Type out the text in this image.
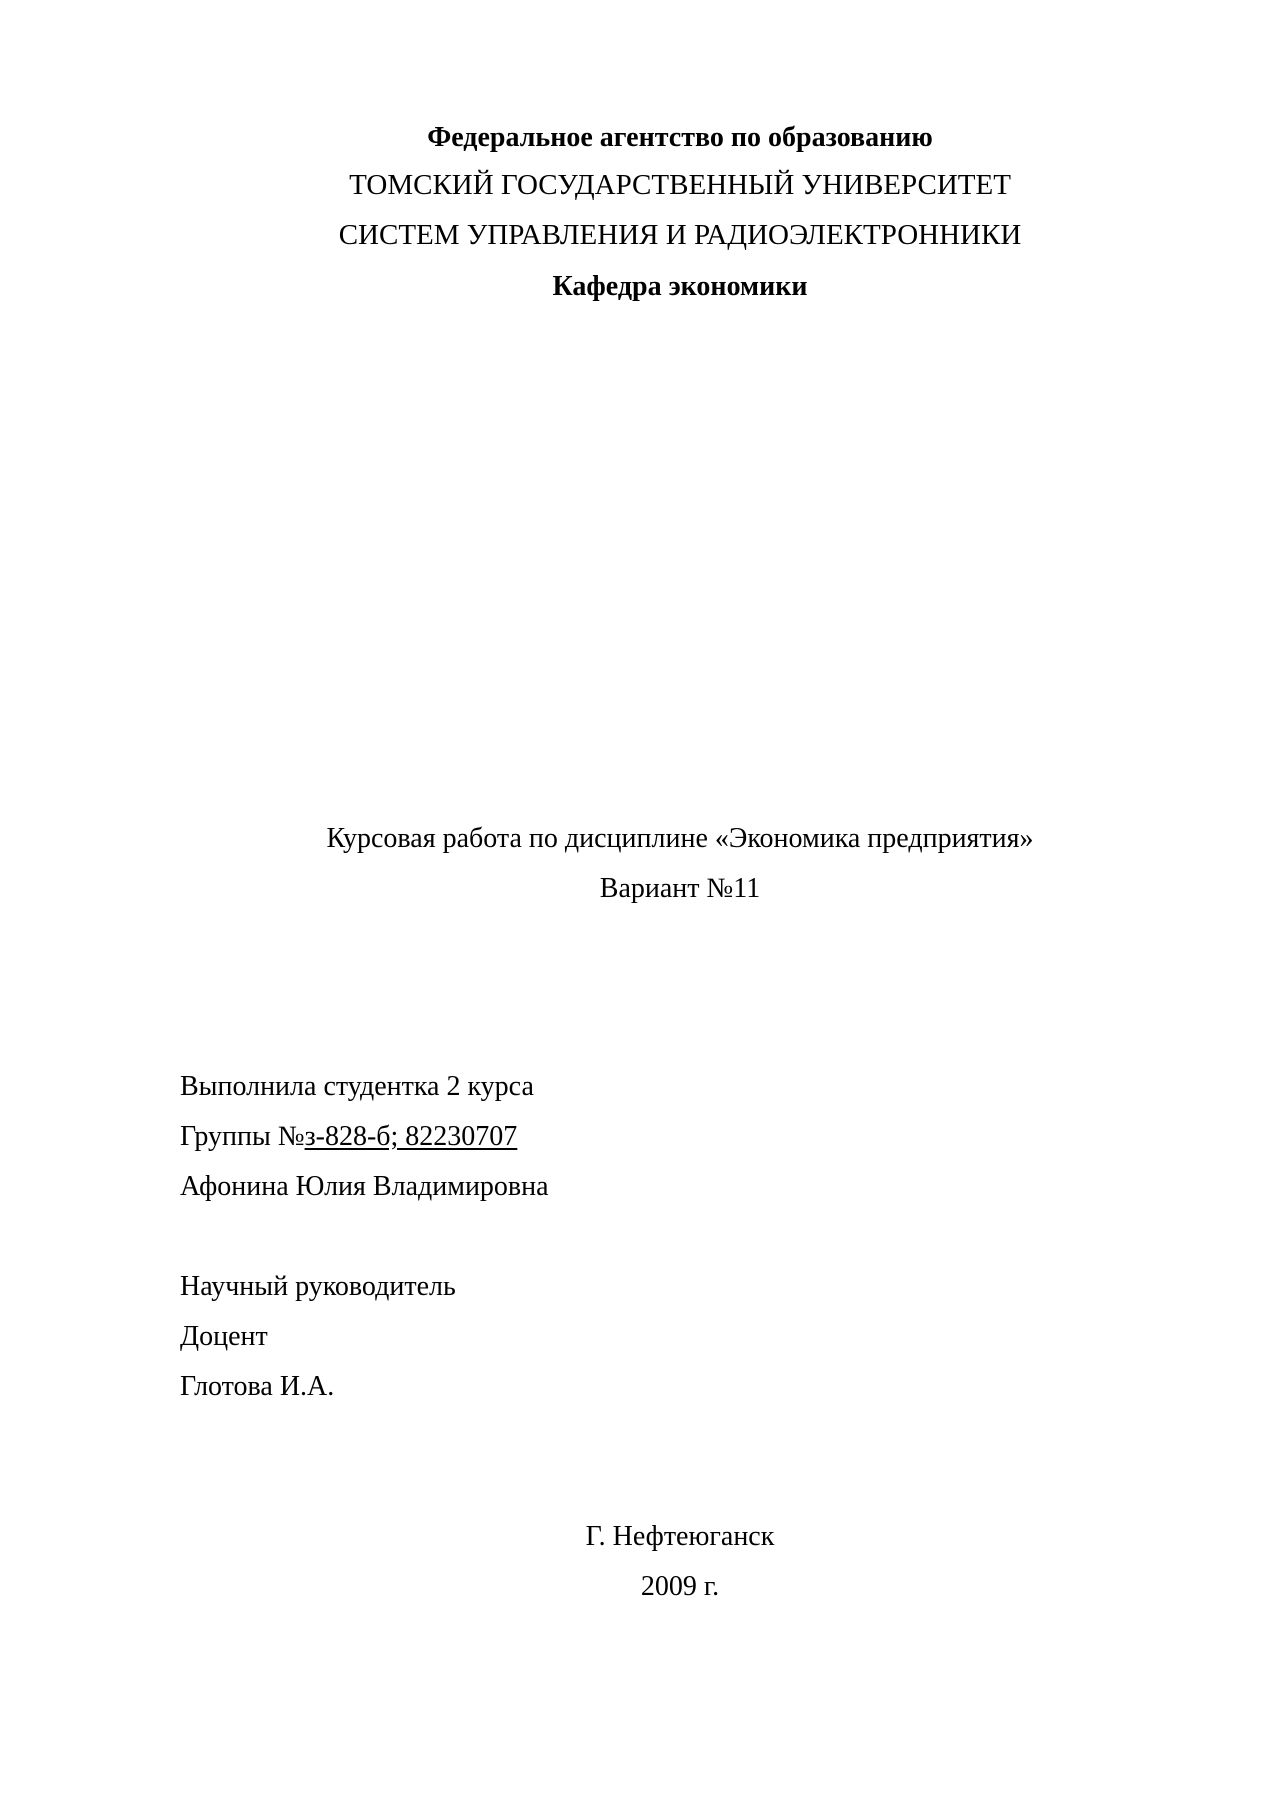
Федеральное агентство по образованию
ТОМСКИЙ ГОСУДАРСТВЕННЫЙ УНИВЕРСИТЕТ
СИСТЕМ УПРАВЛЕНИЯ И РАДИОЭЛЕКТРОННИКИ
Кафедра экономики
Курсовая работа по дисциплине «Экономика предприятия»
Вариант №11
Выполнила студентка 2 курса
Группы №з-828-б; 82230707
Афонина Юлия Владимировна
Научный руководитель
Доцент
Глотова И.А.
Г. Нефтеюганск
2009 г.
